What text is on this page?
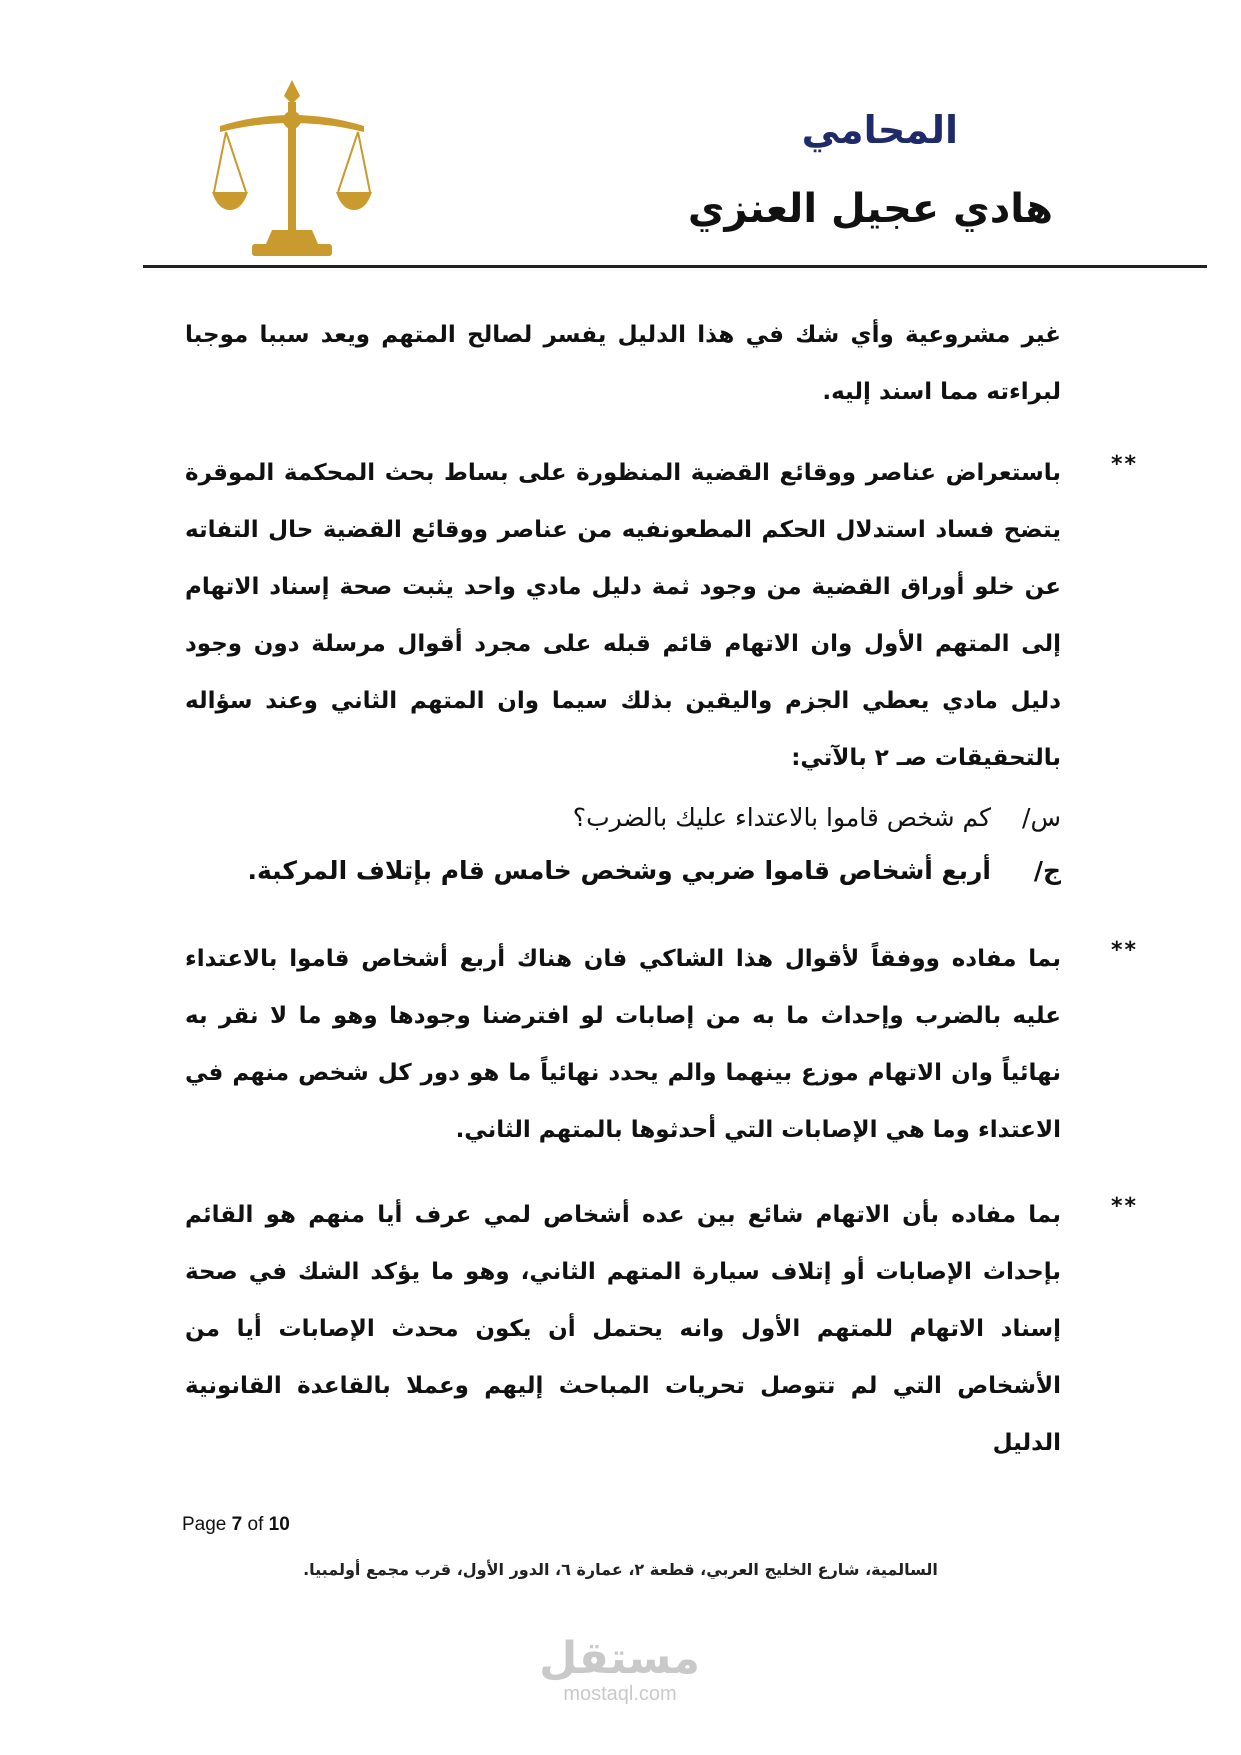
المحامي
هادي عجيل العنزي
غير مشروعية وأي شك في هذا الدليل يفسر لصالح المتهم ويعد سببا موجبا لبراءته مما اسند إليه.
**
باستعراض عناصر ووقائع القضية المنظورة على بساط بحث المحكمة الموقرة يتضح فساد استدلال الحكم المطعونفيه من عناصر ووقائع القضية حال التفاته عن خلو أوراق القضية من وجود ثمة دليل مادي واحد يثبت صحة إسناد الاتهام إلى المتهم الأول وان الاتهام قائم قبله على مجرد أقوال مرسلة دون وجود دليل مادي يعطي الجزم واليقين بذلك سيما وان المتهم الثاني وعند سؤاله بالتحقيقات صـ ٢ بالآتي:
س/كم شخص قاموا بالاعتداء عليك بالضرب؟
ج/أربع أشخاص قاموا ضربي وشخص خامس قام بإتلاف المركبة.
**
بما مفاده ووفقاً لأقوال هذا الشاكي فان هناك أربع أشخاص قاموا بالاعتداء عليه بالضرب وإحداث ما به من إصابات لو افترضنا وجودها وهو ما لا نقر به نهائياً وان الاتهام موزع بينهما والم يحدد نهائياً ما هو دور كل شخص منهم في الاعتداء وما هي الإصابات التي أحدثوها بالمتهم الثاني.
**
بما مفاده بأن الاتهام شائع بين عده أشخاص لمي عرف أيا منهم هو القائم بإحداث الإصابات أو إتلاف سيارة المتهم الثاني، وهو ما يؤكد الشك في صحة إسناد الاتهام للمتهم الأول وانه يحتمل أن يكون محدث الإصابات أيا من الأشخاص التي لم تتوصل تحريات المباحث إليهم وعملا بالقاعدة القانونية الدليل
Page 7 of 10
السالمية، شارع الخليج العربي، قطعة ٢، عمارة ٦، الدور الأول، قرب مجمع أولمبيا.
مستقل
mostaql.com
